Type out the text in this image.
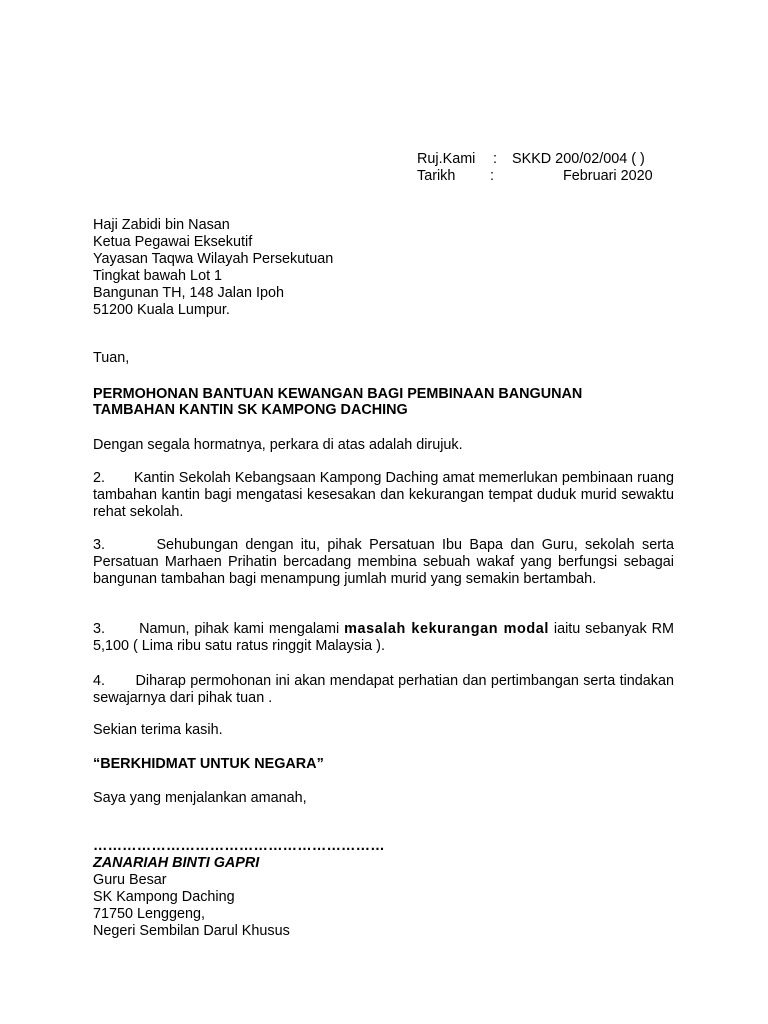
Ruj.Kami : SKKD 200/02/004 ( )
Tarikh :	Februari 2020
Haji Zabidi bin Nasan
Ketua Pegawai Eksekutif
Yayasan Taqwa Wilayah Persekutuan
Tingkat bawah Lot 1
Bangunan TH, 148 Jalan Ipoh
51200 Kuala Lumpur.
Tuan,
PERMOHONAN BANTUAN KEWANGAN BAGI PEMBINAAN BANGUNAN
TAMBAHAN KANTIN SK KAMPONG DACHING
Dengan segala hormatnya, perkara di atas adalah dirujuk.

2.       Kantin Sekolah Kebangsaan Kampong Daching amat memerlukan pembinaan ruang tambahan kantin bagi mengatasi kesesakan dan kekurangan tempat duduk murid sewaktu rehat sekolah.

3.       Sehubungan dengan itu, pihak Persatuan Ibu Bapa dan Guru, sekolah serta Persatuan Marhaen Prihatin bercadang membina sebuah wakaf yang berfungsi sebagai bangunan tambahan bagi menampung jumlah murid yang semakin bertambah.

3.       Namun, pihak kami mengalami masalah kekurangan modal iaitu sebanyak RM 5,100 ( Lima ribu satu ratus ringgit Malaysia ).

4.       Diharap permohonan ini akan mendapat perhatian dan pertimbangan serta tindakan sewajarnya dari pihak tuan .

Sekian terima kasih.
“BERKHIDMAT UNTUK NEGARA”
Saya yang menjalankan amanah,
……………………………………………………
ZANARIAH BINTI GAPRI
Guru Besar
SK Kampong Daching
71750 Lenggeng,
Negeri Sembilan Darul Khusus
